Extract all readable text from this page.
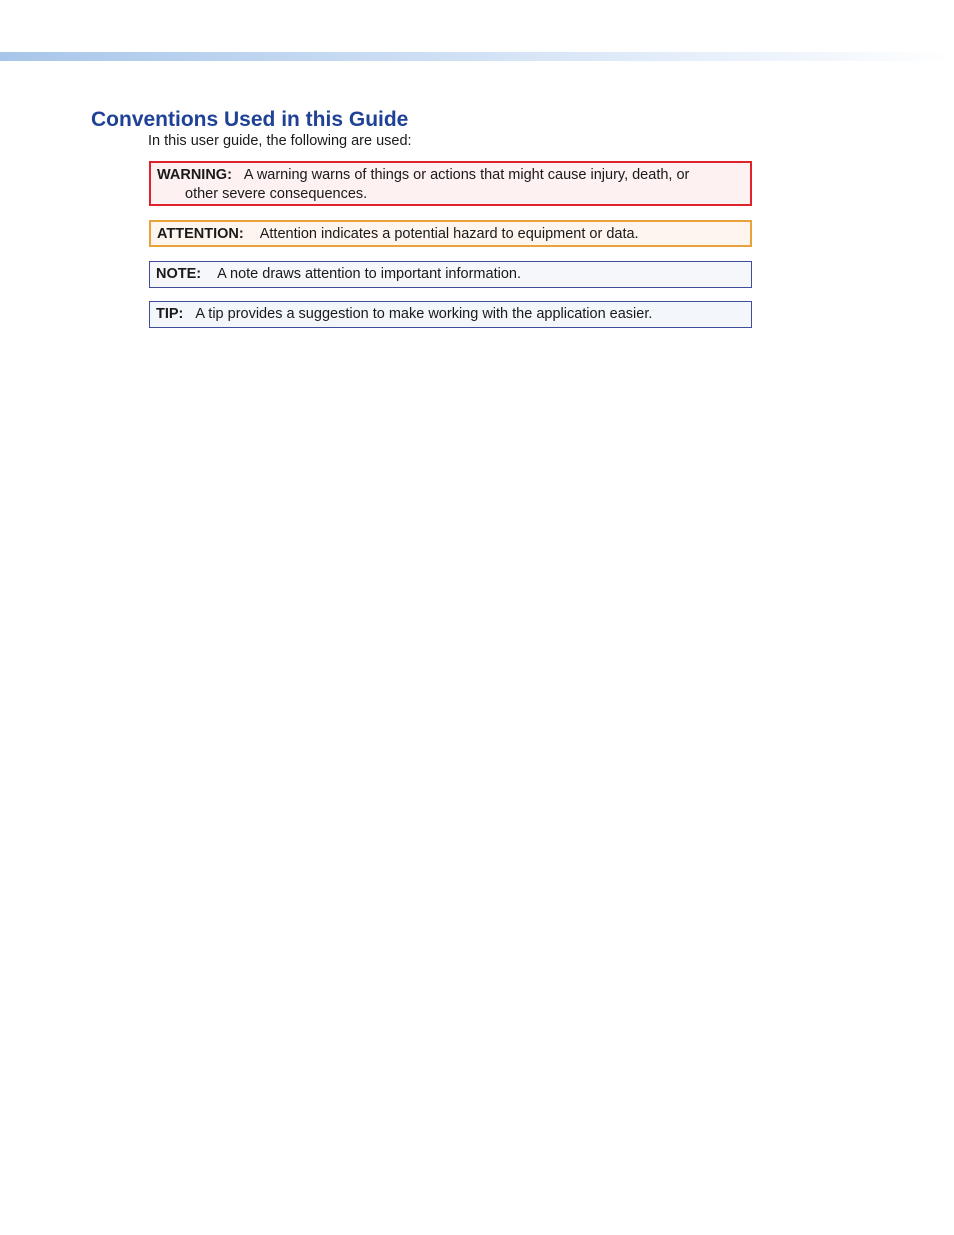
Conventions Used in this Guide

In this user guide, the following are used:

WARNING: A warning warns of things or actions that might cause injury, death, or
other severe consequences.
ATTENTION: Attention indicates a potential hazard to equipment or data.
NOTE: A note draws attention to important information.
TIP: A tip provides a suggestion to make working with the application easier.
